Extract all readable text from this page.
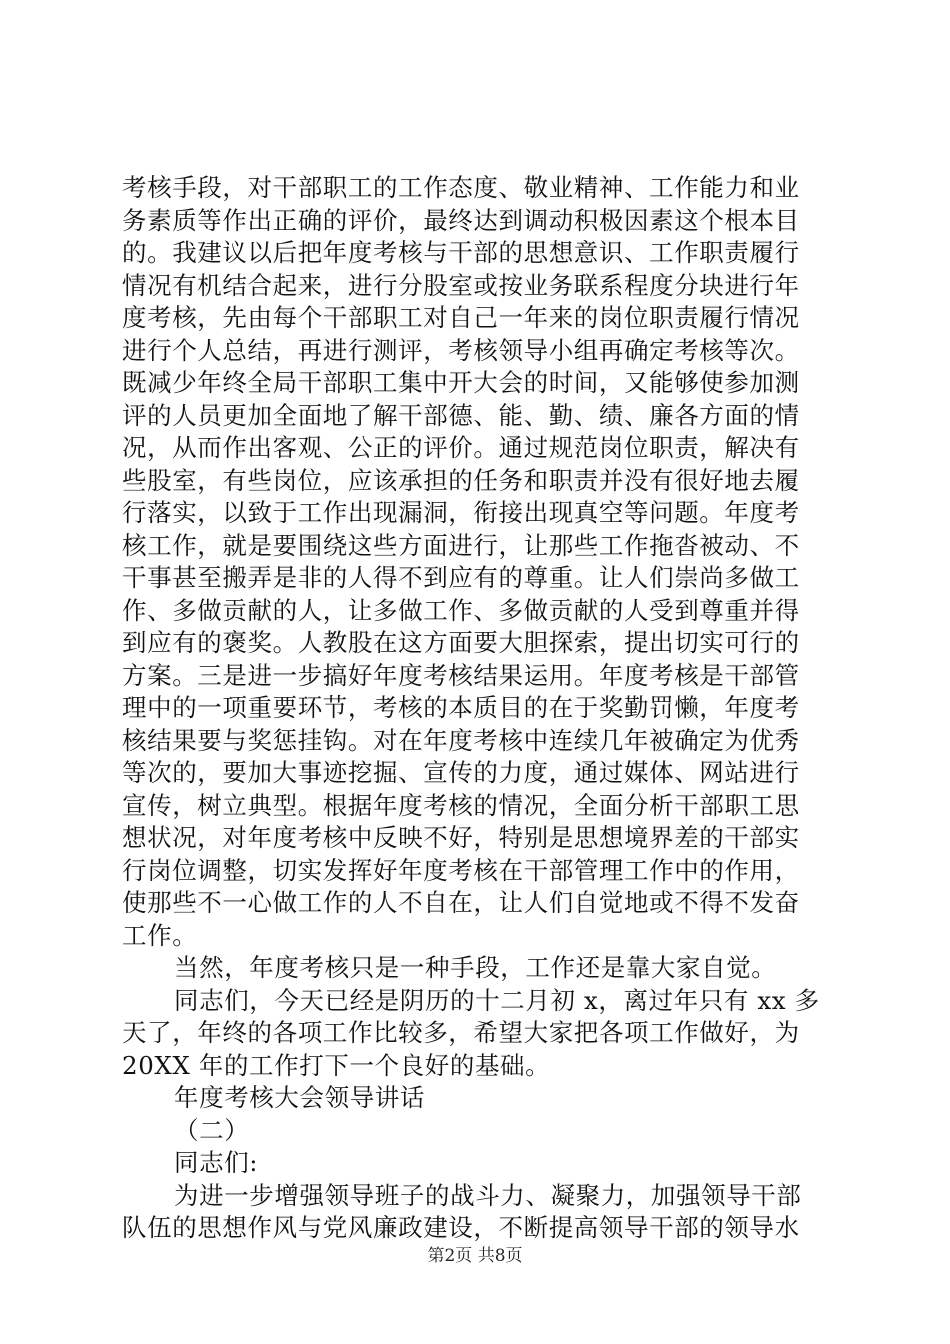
考核手段，对干部职工的工作态度、敬业精神、工作能力和业
务素质等作出正确的评价，最终达到调动积极因素这个根本目
的。我建议以后把年度考核与干部的思想意识、工作职责履行
情况有机结合起来，进行分股室或按业务联系程度分块进行年
度考核，先由每个干部职工对自己一年来的岗位职责履行情况
进行个人总结，再进行测评，考核领导小组再确定考核等次。
既减少年终全局干部职工集中开大会的时间，又能够使参加测
评的人员更加全面地了解干部德、能、勤、绩、廉各方面的情
况，从而作出客观、公正的评价。通过规范岗位职责，解决有
些股室，有些岗位，应该承担的任务和职责并没有很好地去履
行落实，以致于工作出现漏洞，衔接出现真空等问题。年度考
核工作，就是要围绕这些方面进行，让那些工作拖沓被动、不
干事甚至搬弄是非的人得不到应有的尊重。让人们崇尚多做工
作、多做贡献的人，让多做工作、多做贡献的人受到尊重并得
到应有的褒奖。人教股在这方面要大胆探索，提出切实可行的
方案。三是进一步搞好年度考核结果运用。年度考核是干部管
理中的一项重要环节，考核的本质目的在于奖勤罚懒，年度考
核结果要与奖惩挂钩。对在年度考核中连续几年被确定为优秀
等次的，要加大事迹挖掘、宣传的力度，通过媒体、网站进行
宣传，树立典型。根据年度考核的情况，全面分析干部职工思
想状况，对年度考核中反映不好，特别是思想境界差的干部实
行岗位调整，切实发挥好年度考核在干部管理工作中的作用，
使那些不一心做工作的人不自在，让人们自觉地或不得不发奋
工作。
当然，年度考核只是一种手段，工作还是靠大家自觉。
同志们，今天已经是阴历的十二月初 x，离过年只有 xx 多
天了，年终的各项工作比较多，希望大家把各项工作做好，为
20XX 年的工作打下一个良好的基础。
年度考核大会领导讲话
（二）
同志们:
为进一步增强领导班子的战斗力、凝聚力，加强领导干部
队伍的思想作风与党风廉政建设，不断提高领导干部的领导水
第2页 共8页
